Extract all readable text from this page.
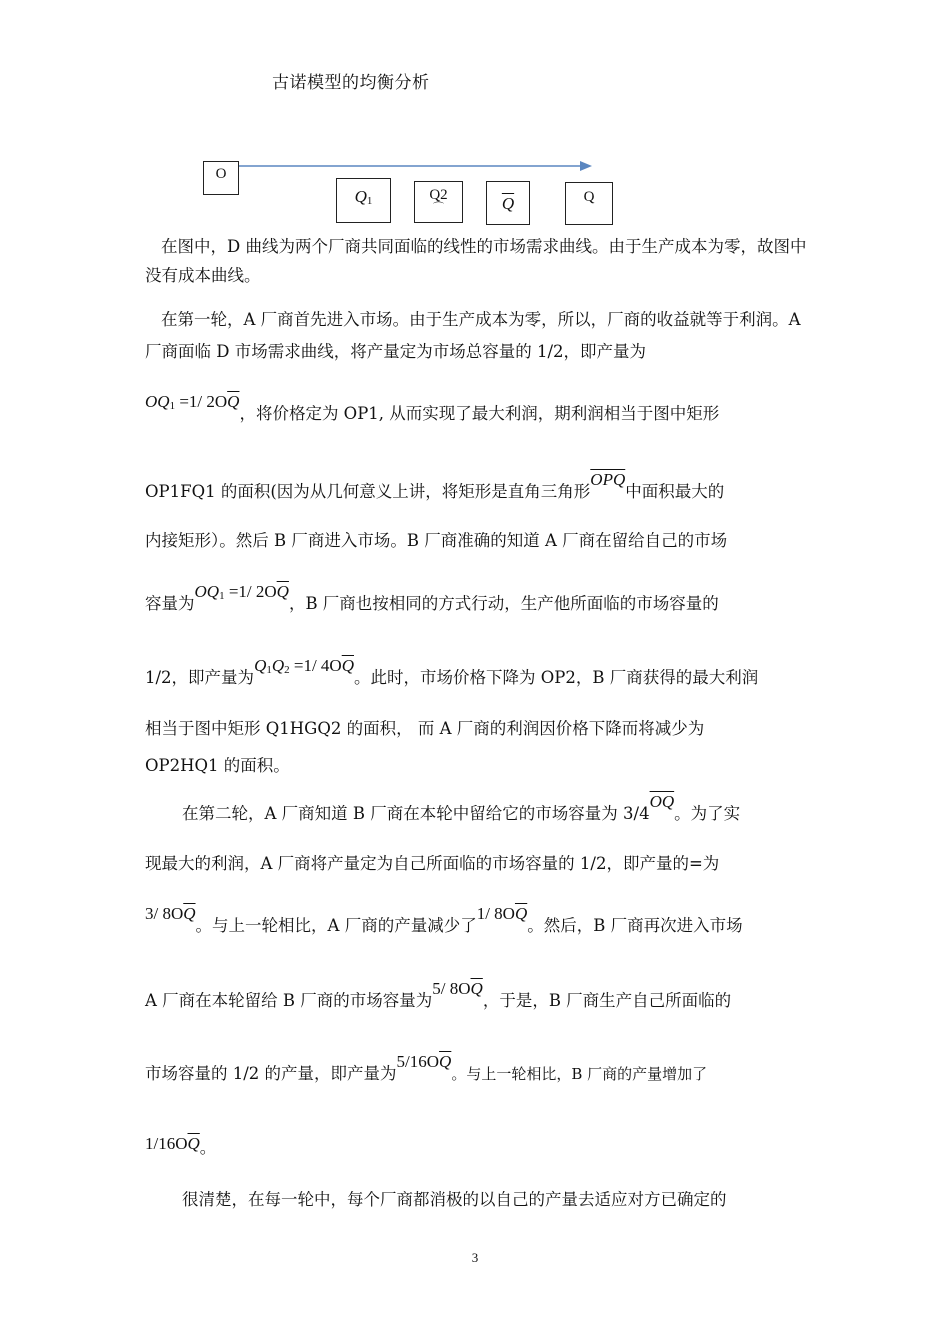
古诺模型的均衡分析
O
Q1	Q2
⌒	$\overline{Q}$	Q
在图中，D 曲线为两个厂商共同面临的线性的市场需求曲线。由于生产成本为零，故图中没有成本曲线。
在第一轮，A 厂商首先进入市场。由于生产成本为零，所以，厂商的收益就等于利润。A 厂商面临 D 市场需求曲线，将产量定为市场总容量的 1/2，即产量为
OQ1 =1/ $2O\overline{Q}$，将价格定为 OP1, 从而实现了最大利润，期利润相当于图中矩形
OP1FQ1 的面积(因为从几何意义上讲，将矩形是直角三角形$\overline{OPQ}$中面积最大的
内接矩形）。然后 B 厂商进入市场。B 厂商准确的知道 A 厂商在留给自己的市场
容量为OQ1 =1/ $2O\overline{Q}$，B 厂商也按相同的方式行动，生产他所面临的市场容量的
1/2，即产量为Q1Q2 =1/ $4O\overline{Q}$。此时，市场价格下降为 OP2，B 厂商获得的最大利润
相当于图中矩形 Q1HGQ2 的面积， 而 A 厂商的利润因价格下降而将减少为
OP2HQ1 的面积。
在第二轮，A 厂商知道 B 厂商在本轮中留给它的市场容量为 $3/4\overline{OQ}$。为了实
现最大的利润，A 厂商将产量定为自己所面临的市场容量的 1/2，即产量的=为
3/ $8O\overline{Q}$。与上一轮相比，A 厂商的产量减少了1/ $8O\overline{Q}$。然后，B 厂商再次进入市场
A 厂商在本轮留给 B 厂商的市场容量为5/ $8O\overline{Q}$，于是，B 厂商生产自己所面临的
市场容量的 1/2 的产量，即产量为$5/16O\overline{Q}$。与上一轮相比，B 厂商的产量增加了
$1/16O\overline{Q}$。
很清楚，在每一轮中，每个厂商都消极的以自己的产量去适应对方已确定的
3
